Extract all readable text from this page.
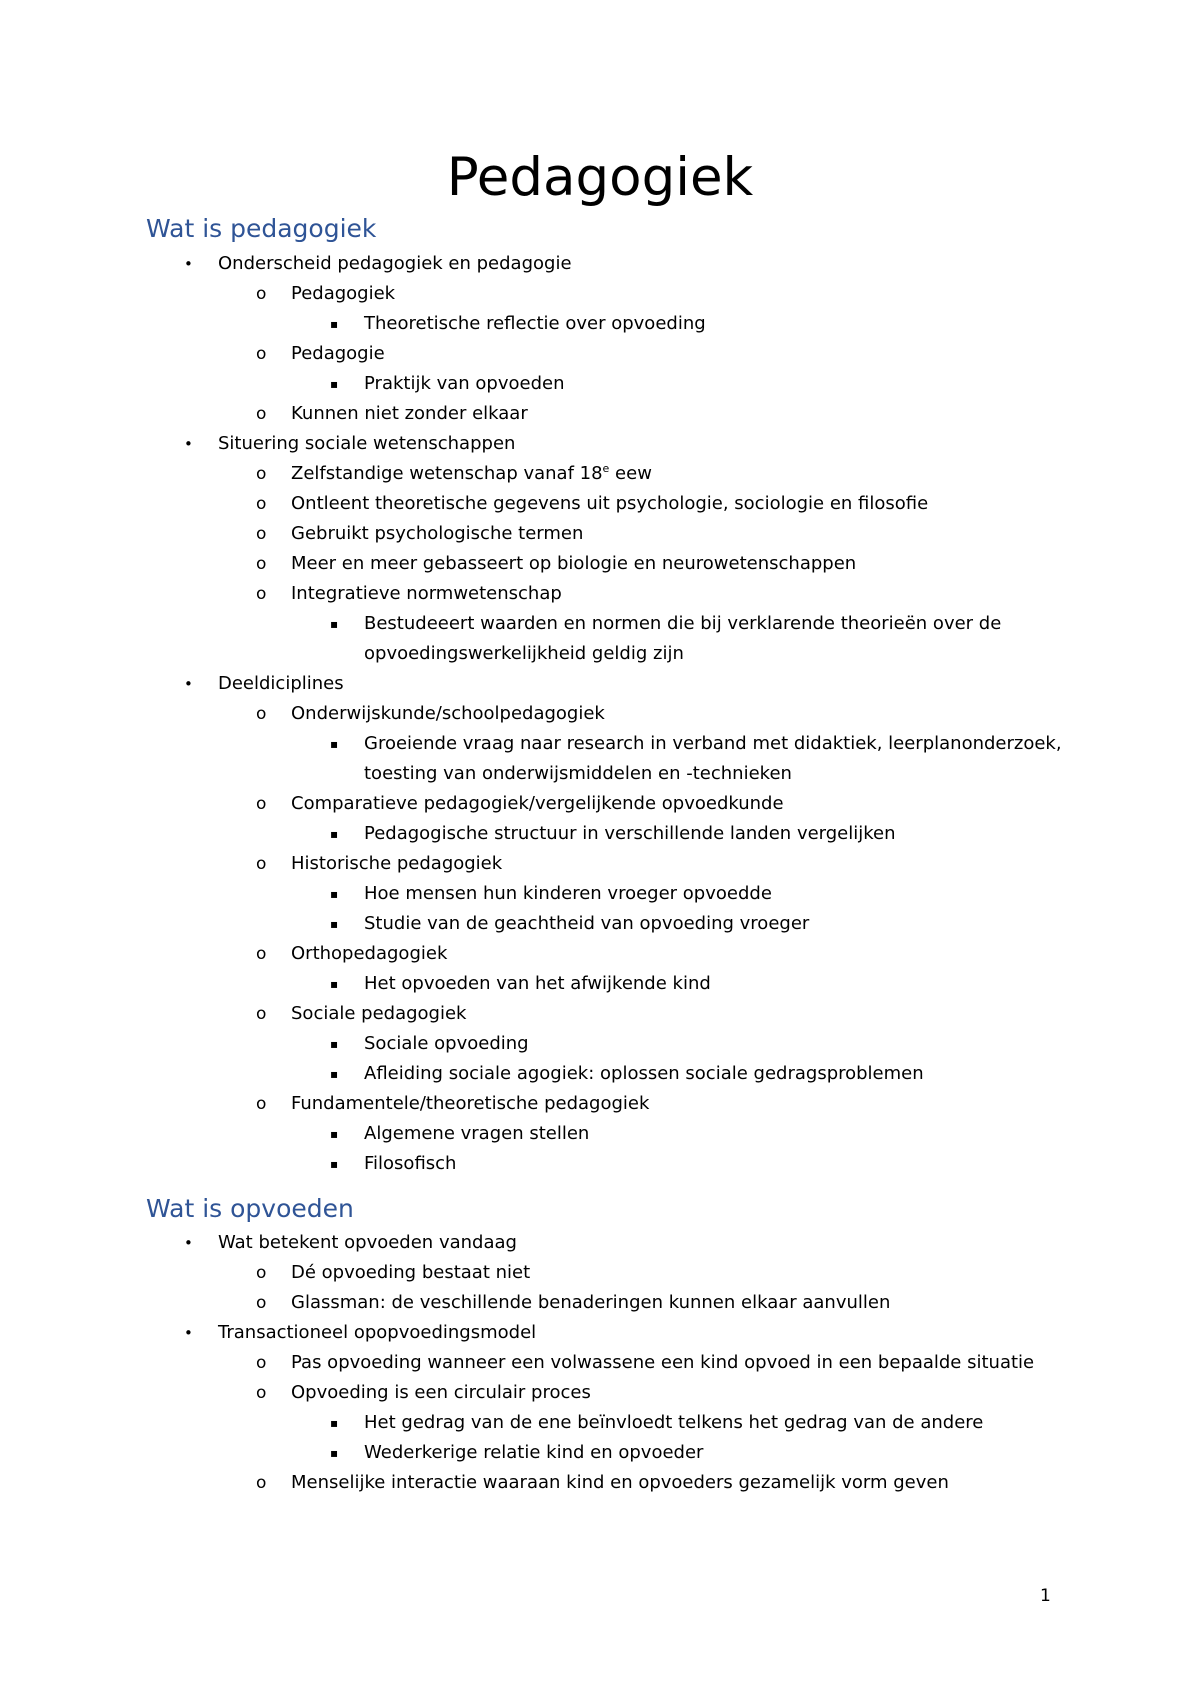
Pedagogiek
Wat is pedagogiek
• Onderscheid pedagogiek en pedagogie
o Pedagogiek
▪ Theoretische reflectie over opvoeding
o Pedagogie
▪ Praktijk van opvoeden
o Kunnen niet zonder elkaar
• Situering sociale wetenschappen
o Zelfstandige wetenschap vanaf 18e eew
o Ontleent theoretische gegevens uit psychologie, sociologie en filosofie
o Gebruikt psychologische termen
o Meer en meer gebasseert op biologie en neurowetenschappen
o Integratieve normwetenschap
▪ Bestudeeert waarden en normen die bij verklarende theorieën over de opvoedingswerkelijkheid geldig zijn
• Deeldiciplines
o Onderwijskunde/schoolpedagogiek
▪ Groeiende vraag naar research in verband met didaktiek, leerplanonderzoek, toesting van onderwijsmiddelen en -technieken
o Comparatieve pedagogiek/vergelijkende opvoedkunde
▪ Pedagogische structuur in verschillende landen vergelijken
o Historische pedagogiek
▪ Hoe mensen hun kinderen vroeger opvoedde
▪ Studie van de geachtheid van opvoeding vroeger
o Orthopedagogiek
▪ Het opvoeden van het afwijkende kind
o Sociale pedagogiek
▪ Sociale opvoeding
▪ Afleiding sociale agogiek: oplossen sociale gedragsproblemen
o Fundamentele/theoretische pedagogiek
▪ Algemene vragen stellen
▪ Filosofisch
Wat is opvoeden
• Wat betekent opvoeden vandaag
o Dé opvoeding bestaat niet
o Glassman: de veschillende benaderingen kunnen elkaar aanvullen
• Transactioneel opopvoedingsmodel
o Pas opvoeding wanneer een volwassene een kind opvoed in een bepaalde situatie
o Opvoeding is een circulair proces
▪ Het gedrag van de ene beïnvloedt telkens het gedrag van de andere
▪ Wederkerige relatie kind en opvoeder
o Menselijke interactie waaraan kind en opvoeders gezamelijk vorm geven
1
